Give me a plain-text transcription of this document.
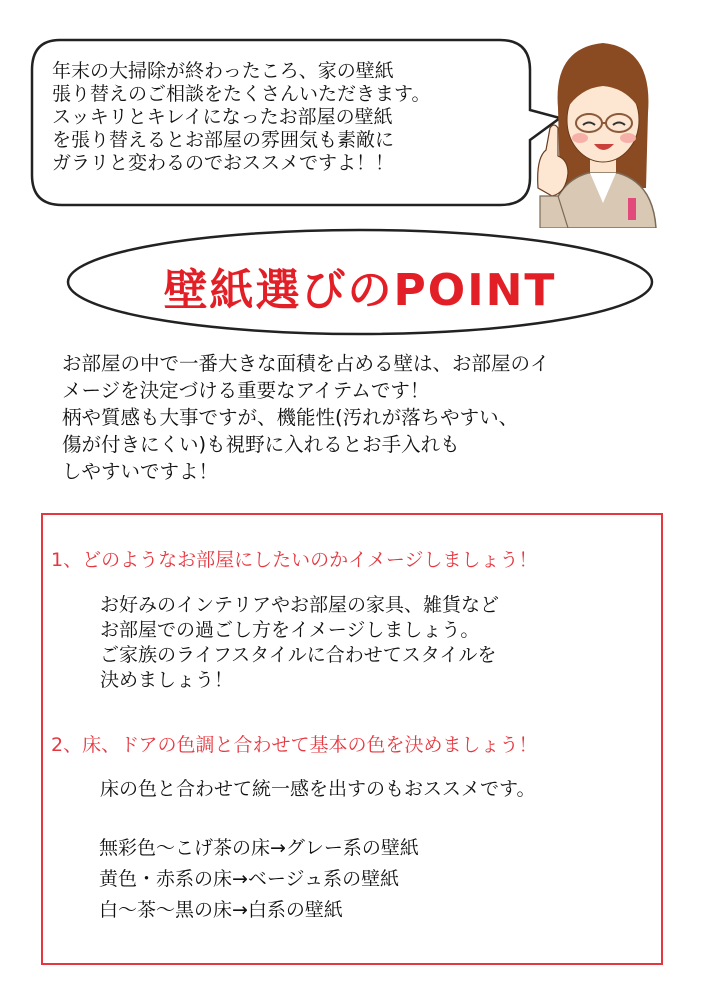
年末の大掃除が終わったころ、家の壁紙
張り替えのご相談をたくさんいただきます。
スッキリとキレイになったお部屋の壁紙
を張り替えるとお部屋の雰囲気も素敵に
ガラリと変わるのでおススメですよ！！
壁紙選びのPOINT
お部屋の中で一番大きな面積を占める壁は、お部屋のイ
メージを決定づける重要なアイテムです！
柄や質感も大事ですが、機能性(汚れが落ちやすい、
傷が付きにくい)も視野に入れるとお手入れも
しやすいですよ！
1、どのようなお部屋にしたいのかイメージしましょう！
お好みのインテリアやお部屋の家具、雑貨など
お部屋での過ごし方をイメージしましょう。
ご家族のライフスタイルに合わせてスタイルを
決めましょう！
2、床、ドアの色調と合わせて基本の色を決めましょう！
床の色と合わせて統一感を出すのもおススメです。
無彩色～こげ茶の床→グレー系の壁紙
黄色・赤系の床→ベージュ系の壁紙
白～茶～黒の床→白系の壁紙
